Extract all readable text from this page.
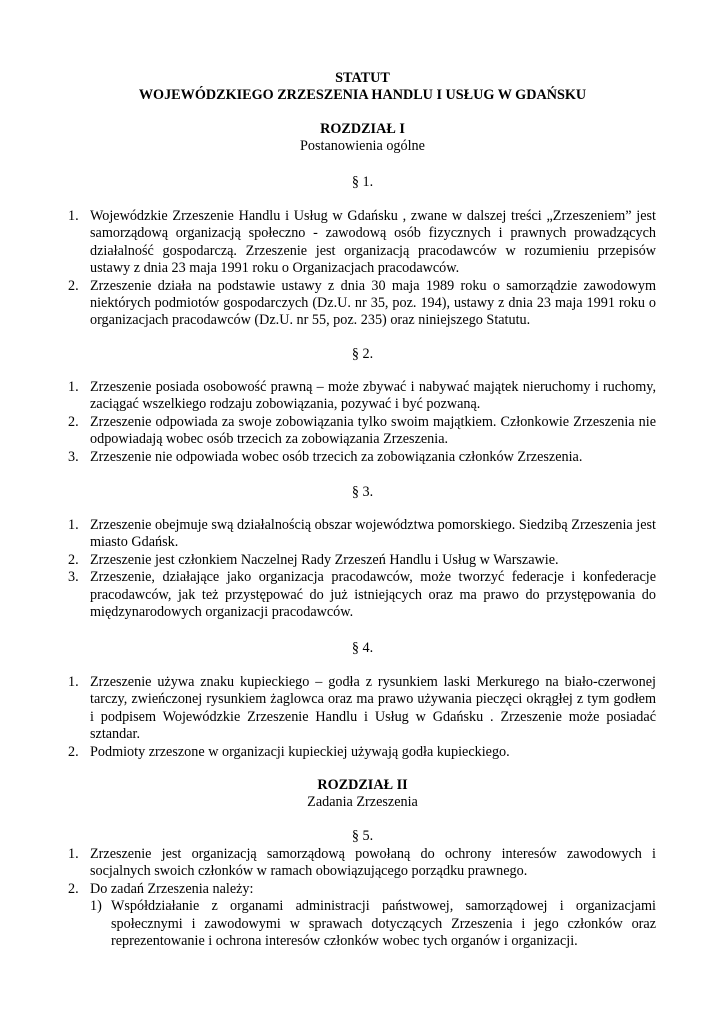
STATUT

WOJEWÓDZKIEGO ZRZESZENIA HANDLU I USŁUG W GDAŃSKU

ROZDZIAŁ I

Postanowienia ogólne

§ 1.

1. Wojewódzkie Zrzeszenie Handlu i Usług w Gdańsku , zwane w dalszej treści „Zrzeszeniem” jest samorządową organizacją społeczno - zawodową osób fizycznych i prawnych prowadzących działalność gospodarczą. Zrzeszenie jest organizacją pracodawców w rozumieniu przepisów ustawy z dnia 23 maja 1991 roku o Organizacjach pracodawców.
2. Zrzeszenie działa na podstawie ustawy z dnia 30 maja 1989 roku o samorządzie zawodowym niektórych podmiotów gospodarczych (Dz.U. nr 35, poz. 194), ustawy z dnia 23 maja 1991 roku o organizacjach pracodawców (Dz.U. nr 55, poz. 235) oraz niniejszego Statutu.

§ 2.

1. Zrzeszenie posiada osobowość prawną – może zbywać i nabywać majątek nieruchomy i ruchomy, zaciągać wszelkiego rodzaju zobowiązania, pozywać i być pozwaną.
2. Zrzeszenie odpowiada za swoje zobowiązania tylko swoim majątkiem. Członkowie Zrzeszenia nie odpowiadają wobec osób trzecich za zobowiązania Zrzeszenia.
3. Zrzeszenie nie odpowiada wobec osób trzecich za zobowiązania członków Zrzeszenia.

§ 3.

1. Zrzeszenie obejmuje swą działalnością obszar województwa pomorskiego. Siedzibą Zrzeszenia jest miasto Gdańsk.
2. Zrzeszenie jest członkiem Naczelnej Rady Zrzeszeń Handlu i Usług w Warszawie.
3. Zrzeszenie, działające jako organizacja pracodawców, może tworzyć federacje i konfederacje pracodawców, jak też przystępować do już istniejących oraz ma prawo do przystępowania do międzynarodowych organizacji pracodawców.

§ 4.

1. Zrzeszenie używa znaku kupieckiego – godła z rysunkiem laski Merkurego na biało-czerwonej tarczy, zwieńczonej rysunkiem żaglowca oraz ma prawo używania pieczęci okrągłej z tym godłem i podpisem Wojewódzkie Zrzeszenie Handlu i Usług w Gdańsku . Zrzeszenie może posiadać sztandar.
2. Podmioty zrzeszone w organizacji kupieckiej używają godła kupieckiego.

ROZDZIAŁ II

Zadania Zrzeszenia

§ 5.

1. Zrzeszenie jest organizacją samorządową powołaną do ochrony interesów zawodowych i socjalnych swoich członków w ramach obowiązującego porządku prawnego.
2. Do zadań Zrzeszenia należy:
1) Współdziałanie z organami administracji państwowej, samorządowej i organizacjami społecznymi i zawodowymi w sprawach dotyczących Zrzeszenia i jego członków oraz reprezentowanie i ochrona interesów członków wobec tych organów i organizacji.
